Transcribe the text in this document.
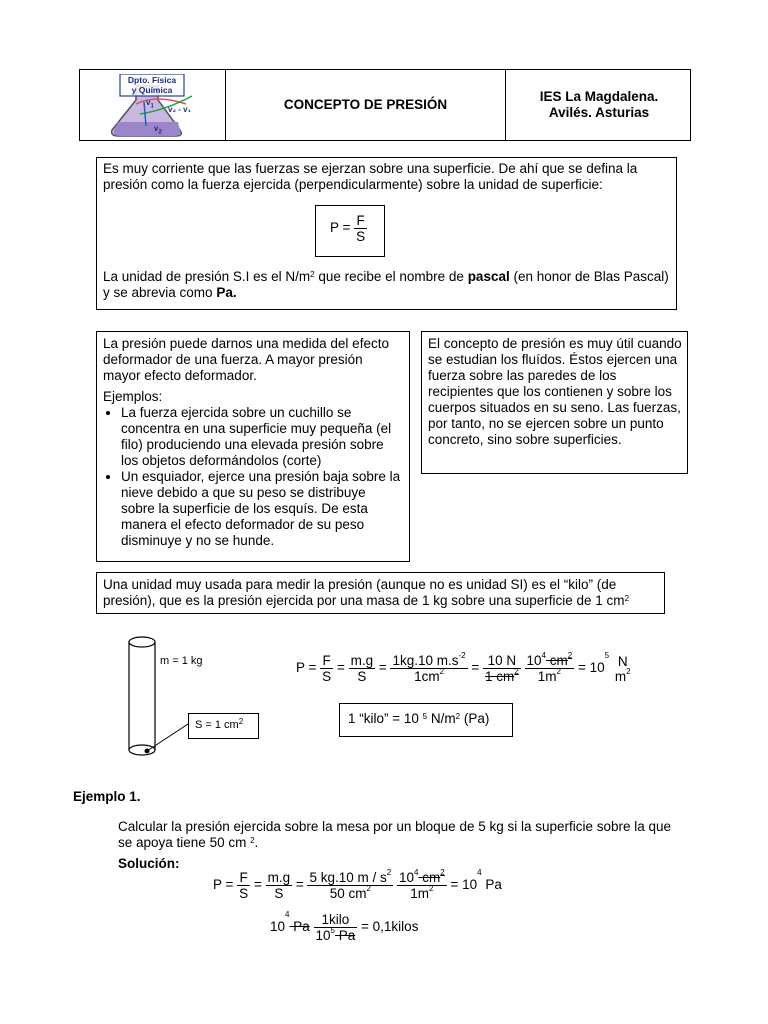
Dpto. Física
y Química
$v_1$ v₂ - v₁
$v_2$
CONCEPTO DE PRESIÓN
IES La Magdalena.
Avilés. Asturias
Es muy corriente que las fuerzas se ejerzan sobre una superficie. De ahí que se defina la presión como la fuerza ejercida (perpendicularmente) sobre la unidad de superficie:
$P = \frac{F}{S}$
La unidad de presión S.I es el $N/m^2$ que recibe el nombre de pascal (en honor de Blas Pascal) y se abrevia como Pa.
La presión puede darnos una medida del efecto deformador de una fuerza. A mayor presión mayor efecto deformador.
Ejemplos:
• La fuerza ejercida sobre un cuchillo se concentra en una superficie muy pequeña (el filo) produciendo una elevada presión sobre los objetos deformándolos (corte)
• Un esquiador, ejerce una presión baja sobre la nieve debido a que su peso se distribuye sobre la superficie de los esquís. De esta manera el efecto deformador de su peso disminuye y no se hunde.
El concepto de presión es muy útil cuando se estudian los fluídos. Éstos ejercen una fuerza sobre las paredes de los recipientes que los contienen y sobre los cuerpos situados en su seno. Las fuerzas, por tanto, no se ejercen sobre un punto concreto, sino sobre superficies.
Una unidad muy usada para medir la presión (aunque no es unidad SI) es el “kilo” (de
presión), que es la presión ejercida por una masa de 1 kg sobre una superficie de 1 $cm^2$
m = 1 kg
S = 1 $cm^2$
$P = \frac{F}{S} = \frac{m.g}{S} = \frac{1kg.10 m.s^{-2}}{1cm^2} = \frac{10 N}{1 cm^2}$
$\frac{10^4 cm^2}{1m^2} = 10^5$ N
$m^2$
1 “kilo” = 10 $^5$ $N/m^2$ (Pa)
Ejemplo 1.
Calcular la presión ejercida sobre la mesa por un bloque de 5 kg si la superficie sobre la que se apoya tiene 50 cm $^2$.
Solución:
$P = \frac{F}{S} = \frac{m.g}{S} = \frac{5 kg.10 m / s^2}{50 cm^2}$
$\frac{10^4 cm^2}{1m^2} = 10^4$ Pa
$10^4$ Pa $\frac{\text{1kilo}}{10^5 Pa}$ = 0,1kilos
